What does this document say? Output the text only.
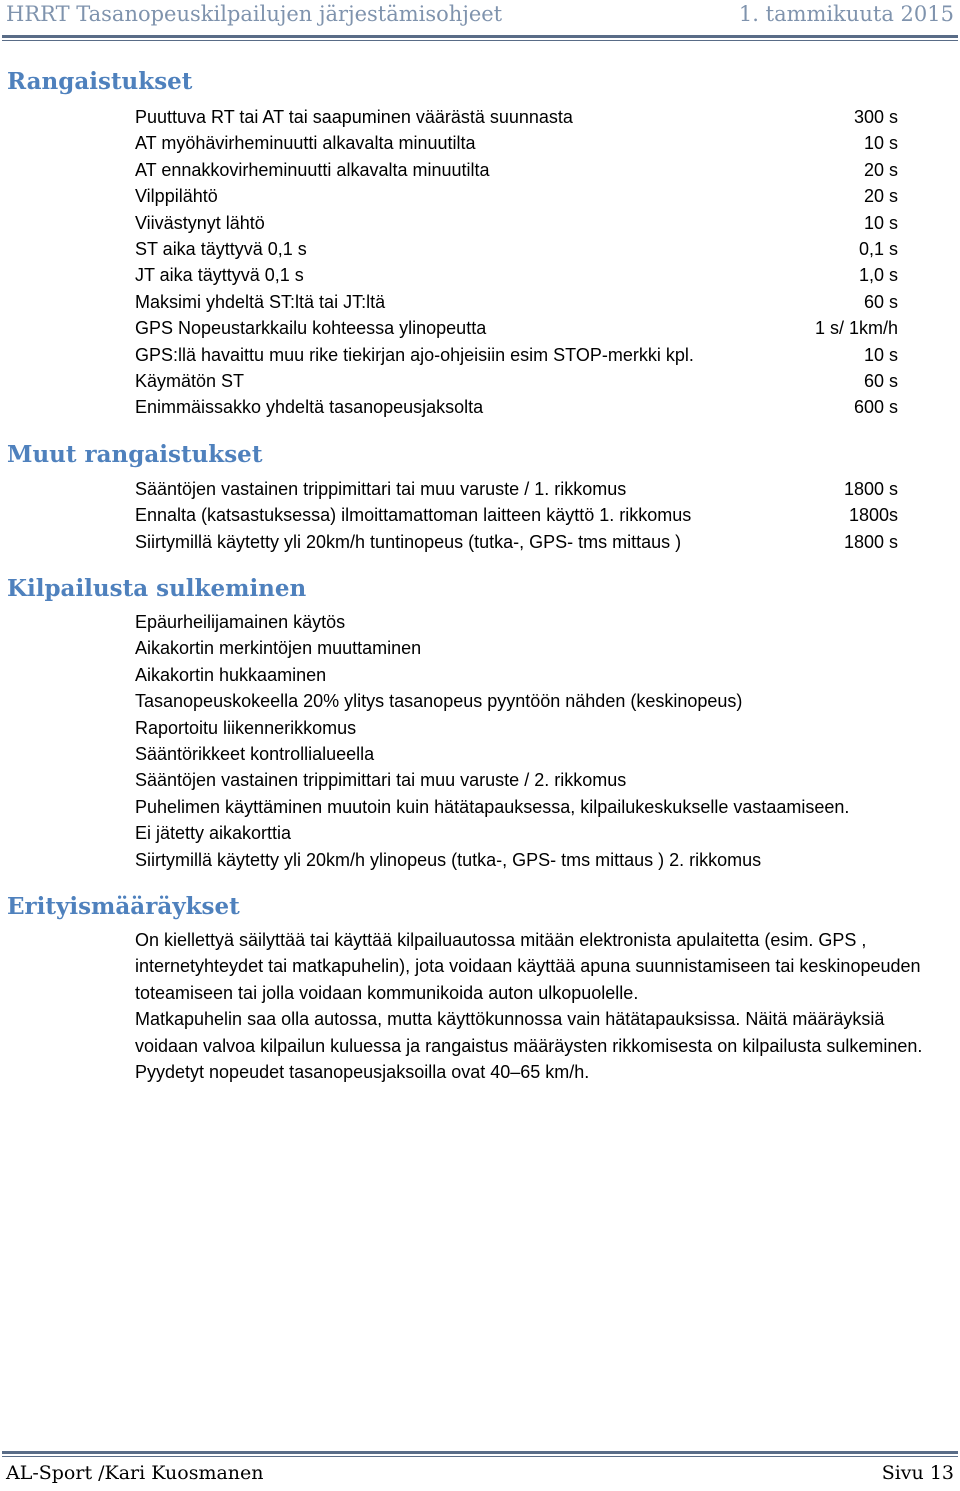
HRRT Tasanopeuskilpailujen järjestämisohjeet	1. tammikuuta 2015
Rangaistukset
Puuttuva RT tai AT tai saapuminen väärästä suunnasta	300 s
AT myöhävirheminuutti alkavalta minuutilta	10 s
AT ennakkovirheminuutti alkavalta minuutilta	20 s
Vilppilähtö	20 s
Viivästynyt lähtö	10 s
ST aika täyttyvä 0,1 s	0,1 s
JT aika täyttyvä 0,1 s	1,0 s
Maksimi yhdeltä ST:ltä tai JT:ltä	60 s
GPS Nopeustarkkailu kohteessa ylinopeutta	1 s/ 1km/h
GPS:llä havaittu muu rike tiekirjan ajo-ohjeisiin esim STOP-merkki kpl.	10 s
Käymätön ST	60 s
Enimmäissakko yhdeltä tasanopeusjaksolta	600 s
Muut rangaistukset
Sääntöjen vastainen trippimittari tai muu varuste / 1. rikkomus	1800 s
Ennalta (katsastuksessa) ilmoittamattoman laitteen käyttö 1. rikkomus	1800s
Siirtymillä käytetty yli 20km/h tuntinopeus (tutka-, GPS- tms mittaus )	1800 s
Kilpailusta sulkeminen
Epäurheilijamainen käytös
Aikakortin merkintöjen muuttaminen
Aikakortin hukkaaminen
Tasanopeuskokeella 20% ylitys tasanopeus pyyntöön nähden (keskinopeus)
Raportoitu liikennerikkomus
Sääntörikkeet kontrollialueella
Sääntöjen vastainen trippimittari tai muu varuste / 2. rikkomus
Puhelimen käyttäminen muutoin kuin hätätapauksessa, kilpailukeskukselle vastaamiseen.
Ei jätetty aikakorttia
Siirtymillä käytetty yli 20km/h ylinopeus (tutka-, GPS- tms mittaus ) 2. rikkomus
Erityismääräykset

On kiellettyä säilyttää tai käyttää kilpailuautossa mitään elektronista apulaitetta (esim. GPS , internetyhteydet tai matkapuhelin), jota voidaan käyttää apuna suunnistamiseen tai keskinopeuden toteamiseen tai jolla voidaan kommunikoida auton ulkopuolelle.

Matkapuhelin saa olla autossa, mutta käyttökunnossa vain hätätapauksissa. Näitä määräyksiä voidaan valvoa kilpailun kuluessa ja rangaistus määräysten rikkomisesta on kilpailusta sulkeminen.

Pyydetyt nopeudet tasanopeusjaksoilla ovat 40–65 km/h.

AL-Sport /Kari Kuosmanen	Sivu 13
